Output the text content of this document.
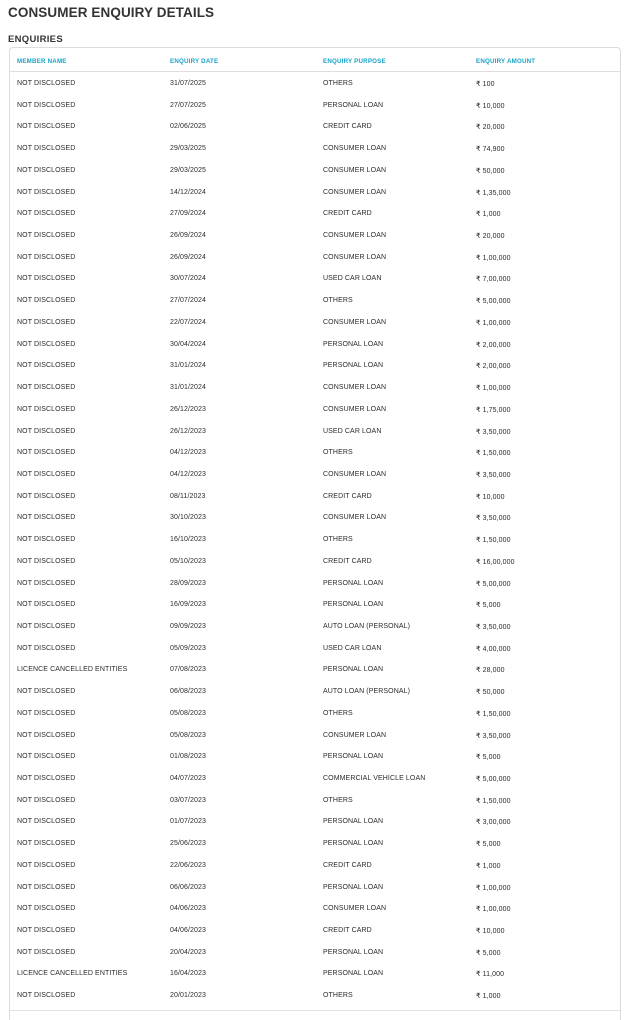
CONSUMER ENQUIRY DETAILS
ENQUIRIES
MEMBER NAME	ENQUIRY DATE	ENQUIRY PURPOSE	ENQUIRY AMOUNT
NOT DISCLOSED	31/07/2025	OTHERS	₹ 100
NOT DISCLOSED	27/07/2025	PERSONAL LOAN	₹ 10,000
NOT DISCLOSED	02/06/2025	CREDIT CARD	₹ 20,000
NOT DISCLOSED	29/03/2025	CONSUMER LOAN	₹ 74,900
NOT DISCLOSED	29/03/2025	CONSUMER LOAN	₹ 50,000
NOT DISCLOSED	14/12/2024	CONSUMER LOAN	₹ 1,35,000
NOT DISCLOSED	27/09/2024	CREDIT CARD	₹ 1,000
NOT DISCLOSED	26/09/2024	CONSUMER LOAN	₹ 20,000
NOT DISCLOSED	26/09/2024	CONSUMER LOAN	₹ 1,00,000
NOT DISCLOSED	30/07/2024	USED CAR LOAN	₹ 7,00,000
NOT DISCLOSED	27/07/2024	OTHERS	₹ 5,00,000
NOT DISCLOSED	22/07/2024	CONSUMER LOAN	₹ 1,00,000
NOT DISCLOSED	30/04/2024	PERSONAL LOAN	₹ 2,00,000
NOT DISCLOSED	31/01/2024	PERSONAL LOAN	₹ 2,00,000
NOT DISCLOSED	31/01/2024	CONSUMER LOAN	₹ 1,00,000
NOT DISCLOSED	26/12/2023	CONSUMER LOAN	₹ 1,75,000
NOT DISCLOSED	26/12/2023	USED CAR LOAN	₹ 3,50,000
NOT DISCLOSED	04/12/2023	OTHERS	₹ 1,50,000
NOT DISCLOSED	04/12/2023	CONSUMER LOAN	₹ 3,50,000
NOT DISCLOSED	08/11/2023	CREDIT CARD	₹ 10,000
NOT DISCLOSED	30/10/2023	CONSUMER LOAN	₹ 3,50,000
NOT DISCLOSED	16/10/2023	OTHERS	₹ 1,50,000
NOT DISCLOSED	05/10/2023	CREDIT CARD	₹ 16,00,000
NOT DISCLOSED	28/09/2023	PERSONAL LOAN	₹ 5,00,000
NOT DISCLOSED	16/09/2023	PERSONAL LOAN	₹ 5,000
NOT DISCLOSED	09/09/2023	AUTO LOAN (PERSONAL)	₹ 3,50,000
NOT DISCLOSED	05/09/2023	USED CAR LOAN	₹ 4,00,000
LICENCE CANCELLED ENTITIES	07/08/2023	PERSONAL LOAN	₹ 28,000
NOT DISCLOSED	06/08/2023	AUTO LOAN (PERSONAL)	₹ 50,000
NOT DISCLOSED	05/08/2023	OTHERS	₹ 1,50,000
NOT DISCLOSED	05/08/2023	CONSUMER LOAN	₹ 3,50,000
NOT DISCLOSED	01/08/2023	PERSONAL LOAN	₹ 5,000
NOT DISCLOSED	04/07/2023	COMMERCIAL VEHICLE LOAN	₹ 5,00,000
NOT DISCLOSED	03/07/2023	OTHERS	₹ 1,50,000
NOT DISCLOSED	01/07/2023	PERSONAL LOAN	₹ 3,00,000
NOT DISCLOSED	25/06/2023	PERSONAL LOAN	₹ 5,000
NOT DISCLOSED	22/06/2023	CREDIT CARD	₹ 1,000
NOT DISCLOSED	06/06/2023	PERSONAL LOAN	₹ 1,00,000
NOT DISCLOSED	04/06/2023	CONSUMER LOAN	₹ 1,00,000
NOT DISCLOSED	04/06/2023	CREDIT CARD	₹ 10,000
NOT DISCLOSED	20/04/2023	PERSONAL LOAN	₹ 5,000
LICENCE CANCELLED ENTITIES	16/04/2023	PERSONAL LOAN	₹ 11,000
NOT DISCLOSED	20/01/2023	OTHERS	₹ 1,000
